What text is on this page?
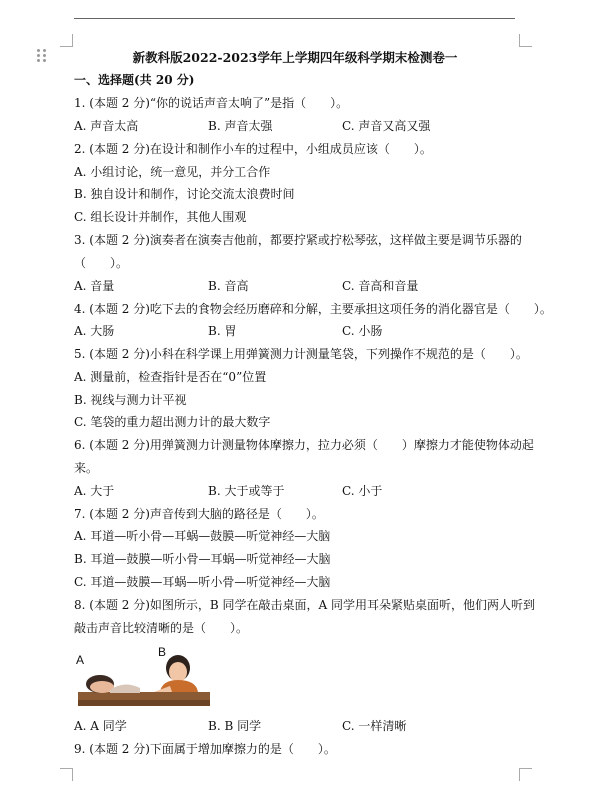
新教科版2022-2023学年上学期四年级科学期末检测卷一
一、选择题(共 20 分)
1. (本题 2 分)“你的说话声音太响了”是指（　　）。
A. 声音太高	B. 声音太强	C. 声音又高又强
2. (本题 2 分)在设计和制作小车的过程中，小组成员应该（　　）。
A. 小组讨论，统一意见，并分工合作
B. 独自设计和制作，讨论交流太浪费时间
C. 组长设计并制作，其他人围观
3. (本题 2 分)演奏者在演奏吉他前，都要拧紧或拧松琴弦，这样做主要是调节乐器的
（　　）。
A. 音量	B. 音高	C. 音高和音量
4. (本题 2 分)吃下去的食物会经历磨碎和分解，主要承担这项任务的消化器官是（　　）。
A. 大肠	B. 胃	C. 小肠
5. (本题 2 分)小科在科学课上用弹簧测力计测量笔袋，下列操作不规范的是（　　）。
A. 测量前，检查指针是否在“0”位置
B. 视线与测力计平视
C. 笔袋的重力超出测力计的最大数字
6. (本题 2 分)用弹簧测力计测量物体摩擦力，拉力必须（　　）摩擦力才能使物体动起
来。
A. 大于	B. 大于或等于	C. 小于
7. (本题 2 分)声音传到大脑的路径是（　　）。
A. 耳道—听小骨—耳蜗—鼓膜—听觉神经—大脑
B. 耳道—鼓膜—听小骨—耳蜗—听觉神经—大脑
C. 耳道—鼓膜—耳蜗—听小骨—听觉神经—大脑
8. (本题 2 分)如图所示，B 同学在敲击桌面，A 同学用耳朵紧贴桌面听，他们两人听到
敲击声音比较清晰的是（　　）。
A
B
A. A 同学	B. B 同学	C. 一样清晰
9. (本题 2 分)下面属于增加摩擦力的是（　　）。
